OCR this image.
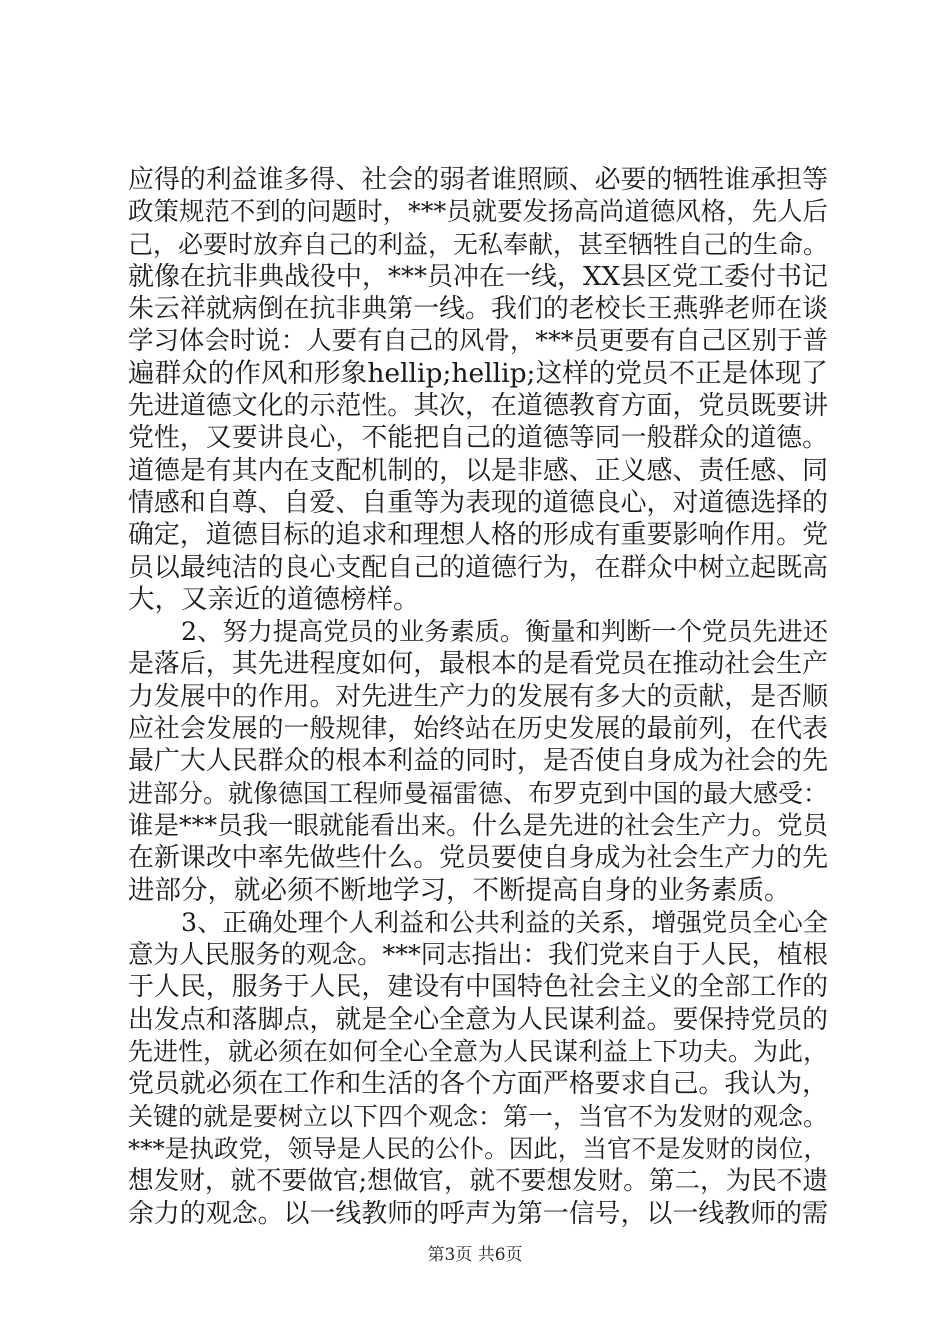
应得的利益谁多得、社会的弱者谁照顾、必要的牺牲谁承担等
政策规范不到的问题时，***员就要发扬高尚道德风格，先人后
己，必要时放弃自己的利益，无私奉献，甚至牺牲自己的生命。
就像在抗非典战役中，***员冲在一线，XX县区党工委付书记
朱云祥就病倒在抗非典第一线。我们的老校长王燕骅老师在谈
学习体会时说：人要有自己的风骨，***员更要有自己区别于普
遍群众的作风和形象hellip;hellip;这样的党员不正是体现了
先进道德文化的示范性。其次，在道德教育方面，党员既要讲
党性，又要讲良心，不能把自己的道德等同一般群众的道德。
道德是有其内在支配机制的，以是非感、正义感、责任感、同
情感和自尊、自爱、自重等为表现的道德良心，对道德选择的
确定，道德目标的追求和理想人格的形成有重要影响作用。党
员以最纯洁的良心支配自己的道德行为，在群众中树立起既高
大，又亲近的道德榜样。
2、努力提高党员的业务素质。衡量和判断一个党员先进还
是落后，其先进程度如何，最根本的是看党员在推动社会生产
力发展中的作用。对先进生产力的发展有多大的贡献，是否顺
应社会发展的一般规律，始终站在历史发展的最前列，在代表
最广大人民群众的根本利益的同时，是否使自身成为社会的先
进部分。就像德国工程师曼福雷德、布罗克到中国的最大感受：
谁是***员我一眼就能看出来。什么是先进的社会生产力。党员
在新课改中率先做些什么。党员要使自身成为社会生产力的先
进部分，就必须不断地学习，不断提高自身的业务素质。
3、正确处理个人利益和公共利益的关系，增强党员全心全
意为人民服务的观念。***同志指出：我们党来自于人民，植根
于人民，服务于人民，建设有中国特色社会主义的全部工作的
出发点和落脚点，就是全心全意为人民谋利益。要保持党员的
先进性，就必须在如何全心全意为人民谋利益上下功夫。为此，
党员就必须在工作和生活的各个方面严格要求自己。我认为，
关键的就是要树立以下四个观念：第一，当官不为发财的观念。
***是执政党，领导是人民的公仆。因此，当官不是发财的岗位，
想发财，就不要做官;想做官，就不要想发财。第二，为民不遗
余力的观念。以一线教师的呼声为第一信号，以一线教师的需
第3页 共6页
